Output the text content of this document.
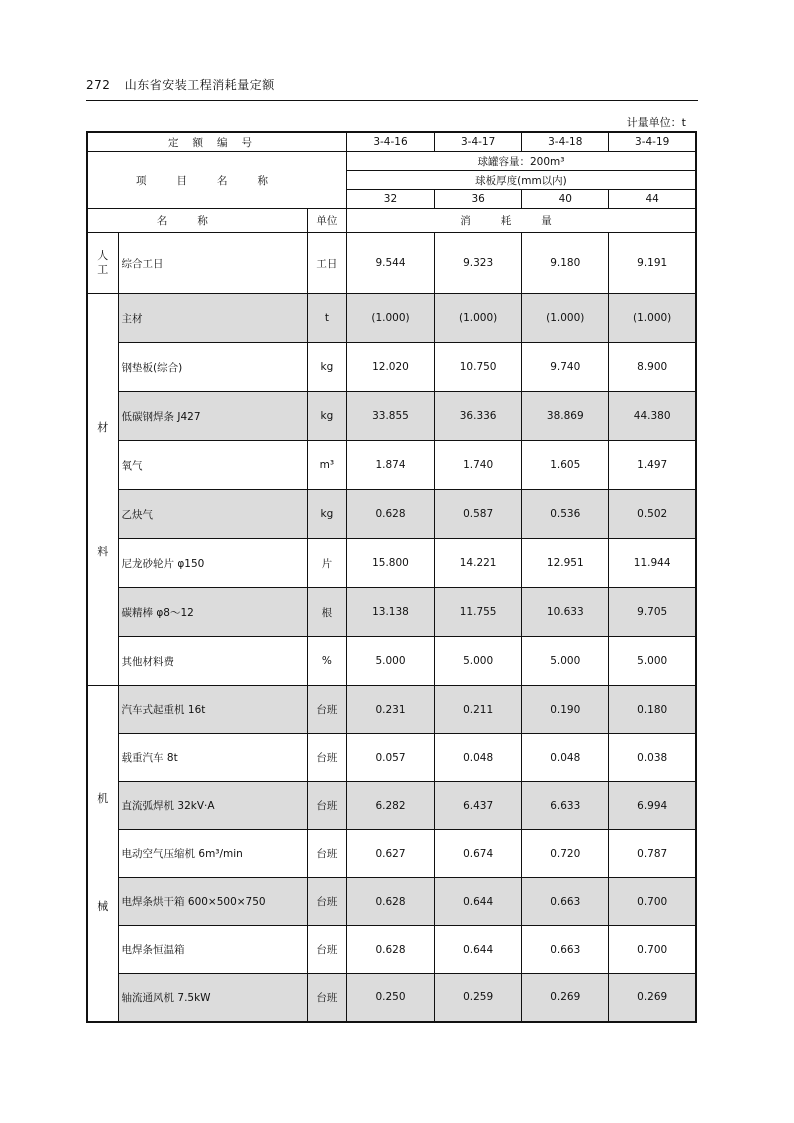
272 山东省安装工程消耗量定额
计量单位：t
定额编号			3-4-16	3-4-17	3-4-18	3-4-19
项目名称			球罐容量：200m³			
			球板厚度(mm以内)			
			32	36	40	44
名称		单位	消耗量			

人
工	综合工日	工日	9.544	9.323	9.180	9.191

材
料	主材	t	(1.000)	(1.000)	(1.000)	(1.000)
	钢垫板(综合)	kg	12.020	10.750	9.740	8.900
	低碳钢焊条 J427	kg	33.855	36.336	38.869	44.380
	氧气	m³	1.874	1.740	1.605	1.497
	乙炔气	kg	0.628	0.587	0.536	0.502
	尼龙砂轮片 φ150	片	15.800	14.221	12.951	11.944
	碳精棒 φ8～12	根	13.138	11.755	10.633	9.705
	其他材料费	%	5.000	5.000	5.000	5.000

机
械	汽车式起重机 16t	台班	0.231	0.211	0.190	0.180
	载重汽车 8t	台班	0.057	0.048	0.048	0.038
	直流弧焊机 32kV·A	台班	6.282	6.437	6.633	6.994
	电动空气压缩机 6m³/min	台班	0.627	0.674	0.720	0.787
	电焊条烘干箱 600×500×750	台班	0.628	0.644	0.663	0.700
	电焊条恒温箱	台班	0.628	0.644	0.663	0.700
	轴流通风机 7.5kW	台班	0.250	0.259	0.269	0.269
